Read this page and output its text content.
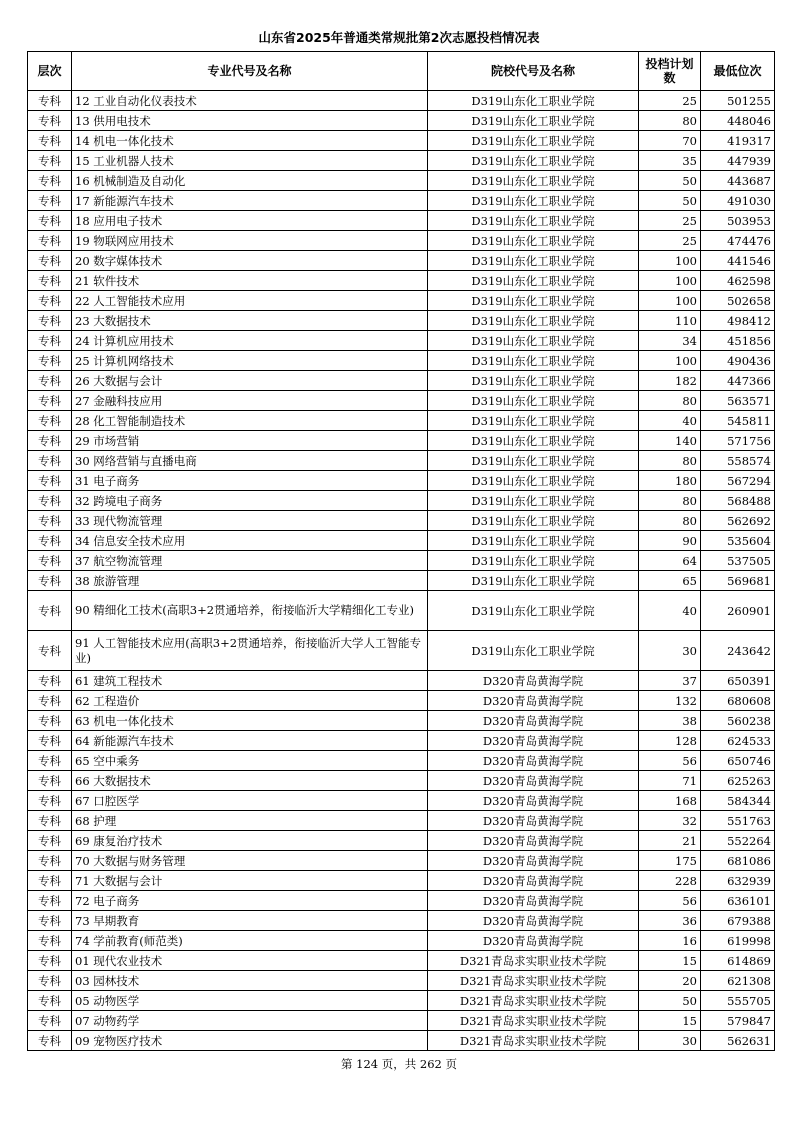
山东省2025年普通类常规批第2次志愿投档情况表
层次	专业代号及名称	院校代号及名称	投档计划数	最低位次
专科	12 工业自动化仪表技术	D319山东化工职业学院	25	501255
专科	13 供用电技术	D319山东化工职业学院	80	448046
专科	14 机电一体化技术	D319山东化工职业学院	70	419317
专科	15 工业机器人技术	D319山东化工职业学院	35	447939
专科	16 机械制造及自动化	D319山东化工职业学院	50	443687
专科	17 新能源汽车技术	D319山东化工职业学院	50	491030
专科	18 应用电子技术	D319山东化工职业学院	25	503953
专科	19 物联网应用技术	D319山东化工职业学院	25	474476
专科	20 数字媒体技术	D319山东化工职业学院	100	441546
专科	21 软件技术	D319山东化工职业学院	100	462598
专科	22 人工智能技术应用	D319山东化工职业学院	100	502658
专科	23 大数据技术	D319山东化工职业学院	110	498412
专科	24 计算机应用技术	D319山东化工职业学院	34	451856
专科	25 计算机网络技术	D319山东化工职业学院	100	490436
专科	26 大数据与会计	D319山东化工职业学院	182	447366
专科	27 金融科技应用	D319山东化工职业学院	80	563571
专科	28 化工智能制造技术	D319山东化工职业学院	40	545811
专科	29 市场营销	D319山东化工职业学院	140	571756
专科	30 网络营销与直播电商	D319山东化工职业学院	80	558574
专科	31 电子商务	D319山东化工职业学院	180	567294
专科	32 跨境电子商务	D319山东化工职业学院	80	568488
专科	33 现代物流管理	D319山东化工职业学院	80	562692
专科	34 信息安全技术应用	D319山东化工职业学院	90	535604
专科	37 航空物流管理	D319山东化工职业学院	64	537505
专科	38 旅游管理	D319山东化工职业学院	65	569681
专科	90 精细化工技术(高职3+2贯通培养，衔接临沂大学精细化工专业)	D319山东化工职业学院	40	260901
专科	91 人工智能技术应用(高职3+2贯通培养，衔接临沂大学人工智能专业)	D319山东化工职业学院	30	243642
专科	61 建筑工程技术	D320青岛黄海学院	37	650391
专科	62 工程造价	D320青岛黄海学院	132	680608
专科	63 机电一体化技术	D320青岛黄海学院	38	560238
专科	64 新能源汽车技术	D320青岛黄海学院	128	624533
专科	65 空中乘务	D320青岛黄海学院	56	650746
专科	66 大数据技术	D320青岛黄海学院	71	625263
专科	67 口腔医学	D320青岛黄海学院	168	584344
专科	68 护理	D320青岛黄海学院	32	551763
专科	69 康复治疗技术	D320青岛黄海学院	21	552264
专科	70 大数据与财务管理	D320青岛黄海学院	175	681086
专科	71 大数据与会计	D320青岛黄海学院	228	632939
专科	72 电子商务	D320青岛黄海学院	56	636101
专科	73 早期教育	D320青岛黄海学院	36	679388
专科	74 学前教育(师范类)	D320青岛黄海学院	16	619998
专科	01 现代农业技术	D321青岛求实职业技术学院	15	614869
专科	03 园林技术	D321青岛求实职业技术学院	20	621308
专科	05 动物医学	D321青岛求实职业技术学院	50	555705
专科	07 动物药学	D321青岛求实职业技术学院	15	579847
专科	09 宠物医疗技术	D321青岛求实职业技术学院	30	562631
第 124 页，共 262 页
